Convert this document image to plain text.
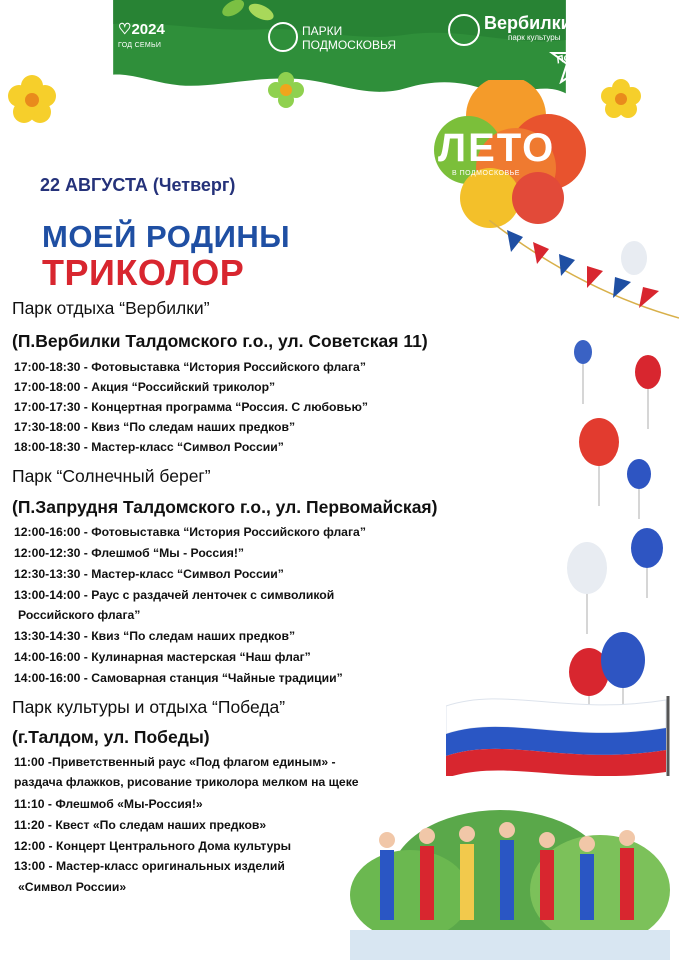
МОСОБ>
ПАРК
♡2024
ГОД СЕМЬИ
ПАРКИ
ПОДМОСКОВЬЯ
Вербилки
парк культуры
Победа
ПАРК «СОЛНЕЧНЫЙ БЕРЕГ»
ЛЕТО
В ПОДМОСКОВЬЕ
22 АВГУСТА (Четверг)
МОЕЙ РОДИНЫ
ТРИКОЛОР
Парк отдыха “Вербилки”
(П.Вербилки Талдомского г.о., ул. Советская 11)
17:00-18:30 - Фотовыставка “История Российского флага”
17:00-18:00 - Акция “Российский триколор”
17:00-17:30 - Концертная программа “Россия. С любовью”
17:30-18:00 - Квиз “По следам наших предков”
18:00-18:30 - Мастер-класс “Символ России”
Парк “Солнечный берег”
(П.Запрудня Талдомского г.о., ул. Первомайская)
12:00-16:00 - Фотовыставка “История Российского флага”
12:00-12:30 - Флешмоб “Мы - Россия!”
12:30-13:30 - Мастер-класс “Символ России”
13:00-14:00 - Раус с раздачей ленточек с символикой
Российского флага”
13:30-14:30 - Квиз “По следам наших предков”
14:00-16:00 - Кулинарная мастерская “Наш флаг”
14:00-16:00 - Самоварная станция “Чайные традиции”
Парк культуры и отдыха “Победа”
(г.Талдом, ул. Победы)
11:00 -Приветственный раус «Под флагом единым» -
раздача флажков, рисование триколора мелком на щеке
11:10 - Флешмоб «Мы-Россия!»
11:20 - Квест «По следам наших предков»
12:00 - Концерт Центрального Дома культуры
13:00 - Мастер-класс оригинальных изделий
«Символ России»
